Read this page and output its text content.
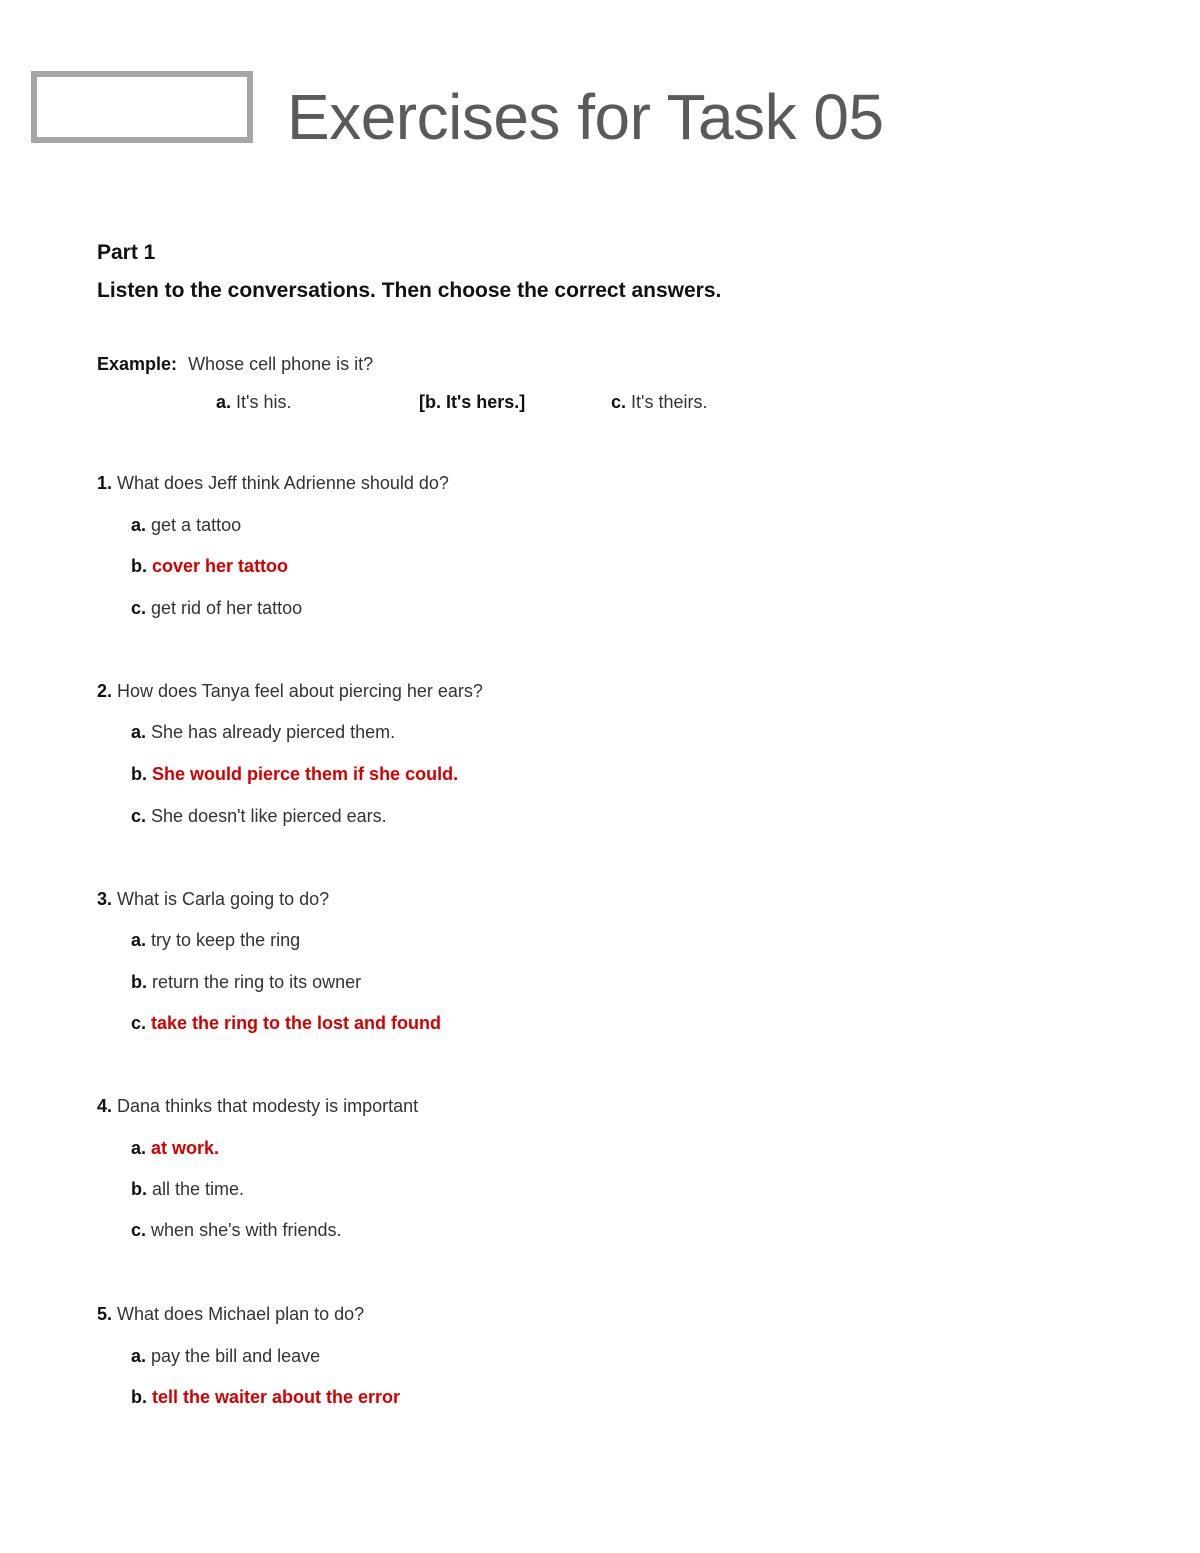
Exercises for Task 05
Part 1
Listen to the conversations. Then choose the correct answers.
Example: Whose cell phone is it?
a. It's his.	[b. It's hers.]	c. It's theirs.
1. What does Jeff think Adrienne should do?
a. get a tattoo
b. cover her tattoo
c. get rid of her tattoo
2. How does Tanya feel about piercing her ears?
a. She has already pierced them.
b. She would pierce them if she could.
c. She doesn't like pierced ears.
3. What is Carla going to do?
a. try to keep the ring
b. return the ring to its owner
c. take the ring to the lost and found
4. Dana thinks that modesty is important
a. at work.
b. all the time.
c. when she's with friends.
5. What does Michael plan to do?
a. pay the bill and leave
b. tell the waiter about the error
